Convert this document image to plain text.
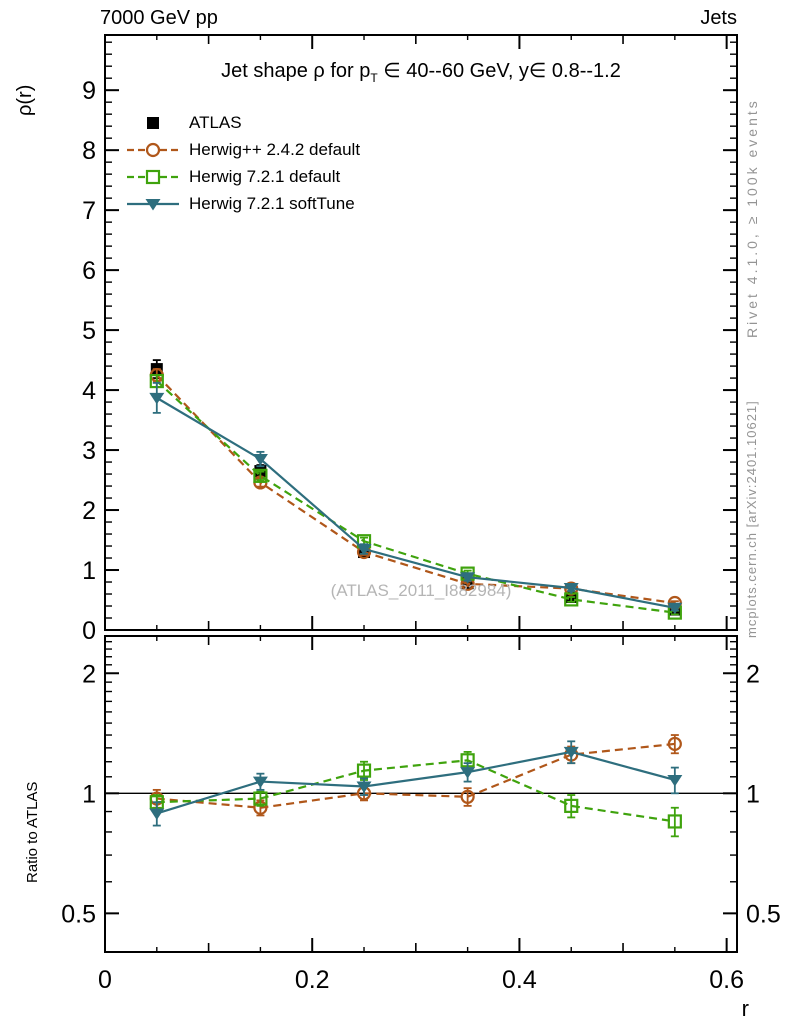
0
1
2
3
4
5
6
7
8
9
0.5	0.5
1	1
2	2
0	0.2	0.4	0.6
r
7000 GeV pp	Jets
Jet shape ρ for $p_T$ ∈ 40--60 GeV, y∈ 0.8--1.2
ATLAS
Herwig++ 2.4.2 default
Herwig 7.2.1 default
Herwig 7.2.1 softTune
ρ(r)
Ratio to ATLAS
Rivet 4.1.0, ≥ 100k events
mcplots.cern.ch [arXiv:2401.10621]
(ATLAS_2011_I882984)
